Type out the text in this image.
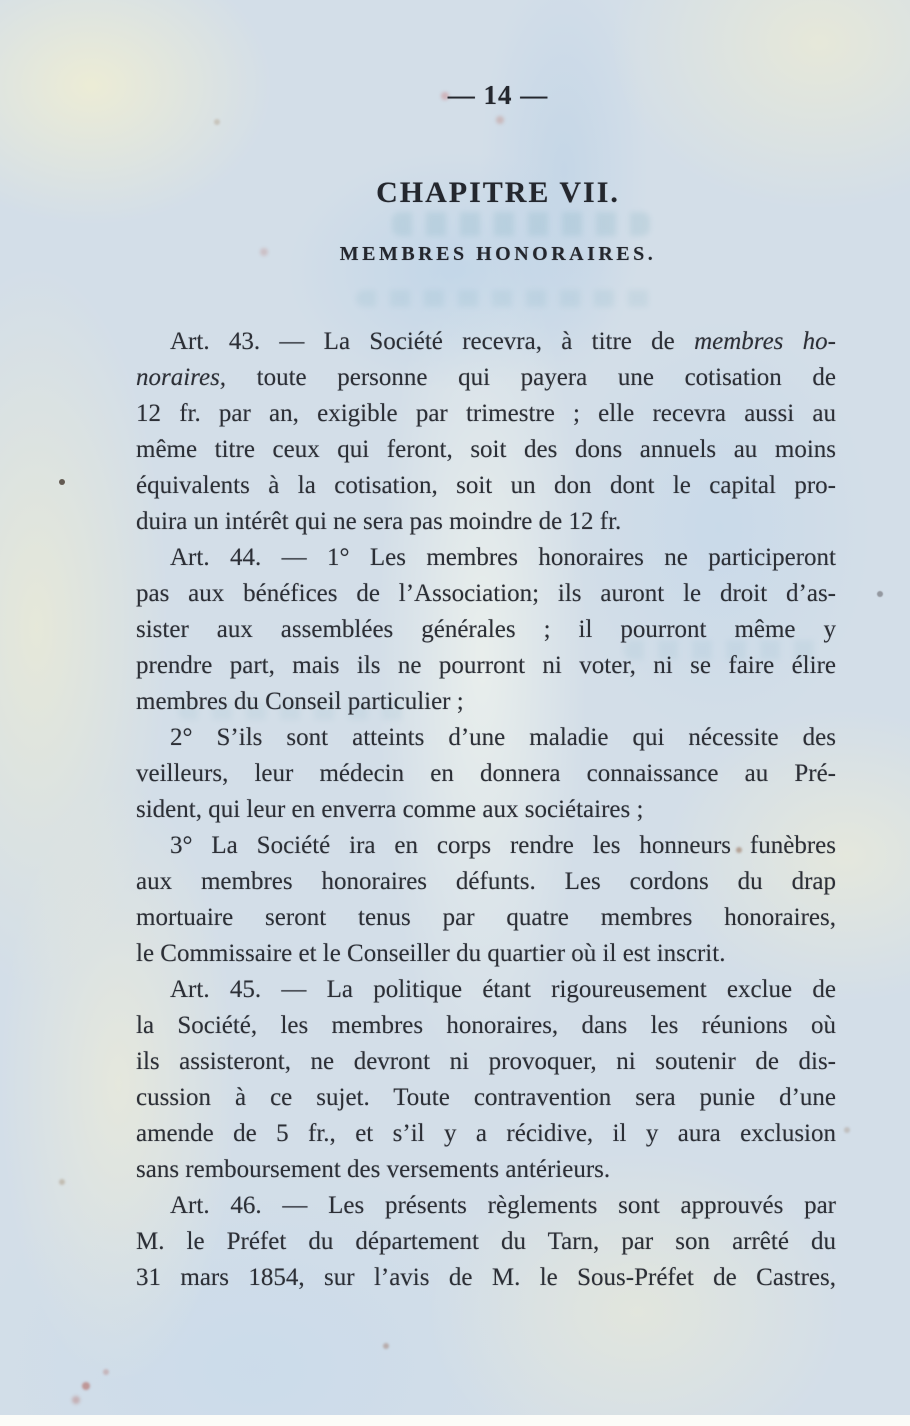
— 14 —
CHAPITRE VII.
MEMBRES HONORAIRES.
Art. 43. — La Société recevra, à titre de membres ho-
noraires, toute personne qui payera une cotisation de
12 fr. par an, exigible par trimestre ; elle recevra aussi au
même titre ceux qui feront, soit des dons annuels au moins
équivalents à la cotisation, soit un don dont le capital pro-
duira un intérêt qui ne sera pas moindre de 12 fr.
Art. 44. — 1° Les membres honoraires ne participeront
pas aux bénéfices de l’Association; ils auront le droit d’as-
sister aux assemblées générales ; il pourront même y
prendre part, mais ils ne pourront ni voter, ni se faire élire
membres du Conseil particulier ;
2° S’ils sont atteints d’une maladie qui nécessite des
veilleurs, leur médecin en donnera connaissance au Pré-
sident, qui leur en enverra comme aux sociétaires ;
3° La Société ira en corps rendre les honneurs funèbres
aux membres honoraires défunts. Les cordons du drap
mortuaire seront tenus par quatre membres honoraires,
le Commissaire et le Conseiller du quartier où il est inscrit.
Art. 45. — La politique étant rigoureusement exclue de
la Société, les membres honoraires, dans les réunions où
ils assisteront, ne devront ni provoquer, ni soutenir de dis-
cussion à ce sujet. Toute contravention sera punie d’une
amende de 5 fr., et s’il y a récidive, il y aura exclusion
sans remboursement des versements antérieurs.
Art. 46. — Les présents règlements sont approuvés par
M. le Préfet du département du Tarn, par son arrêté du
31 mars 1854, sur l’avis de M. le Sous-Préfet de Castres,
